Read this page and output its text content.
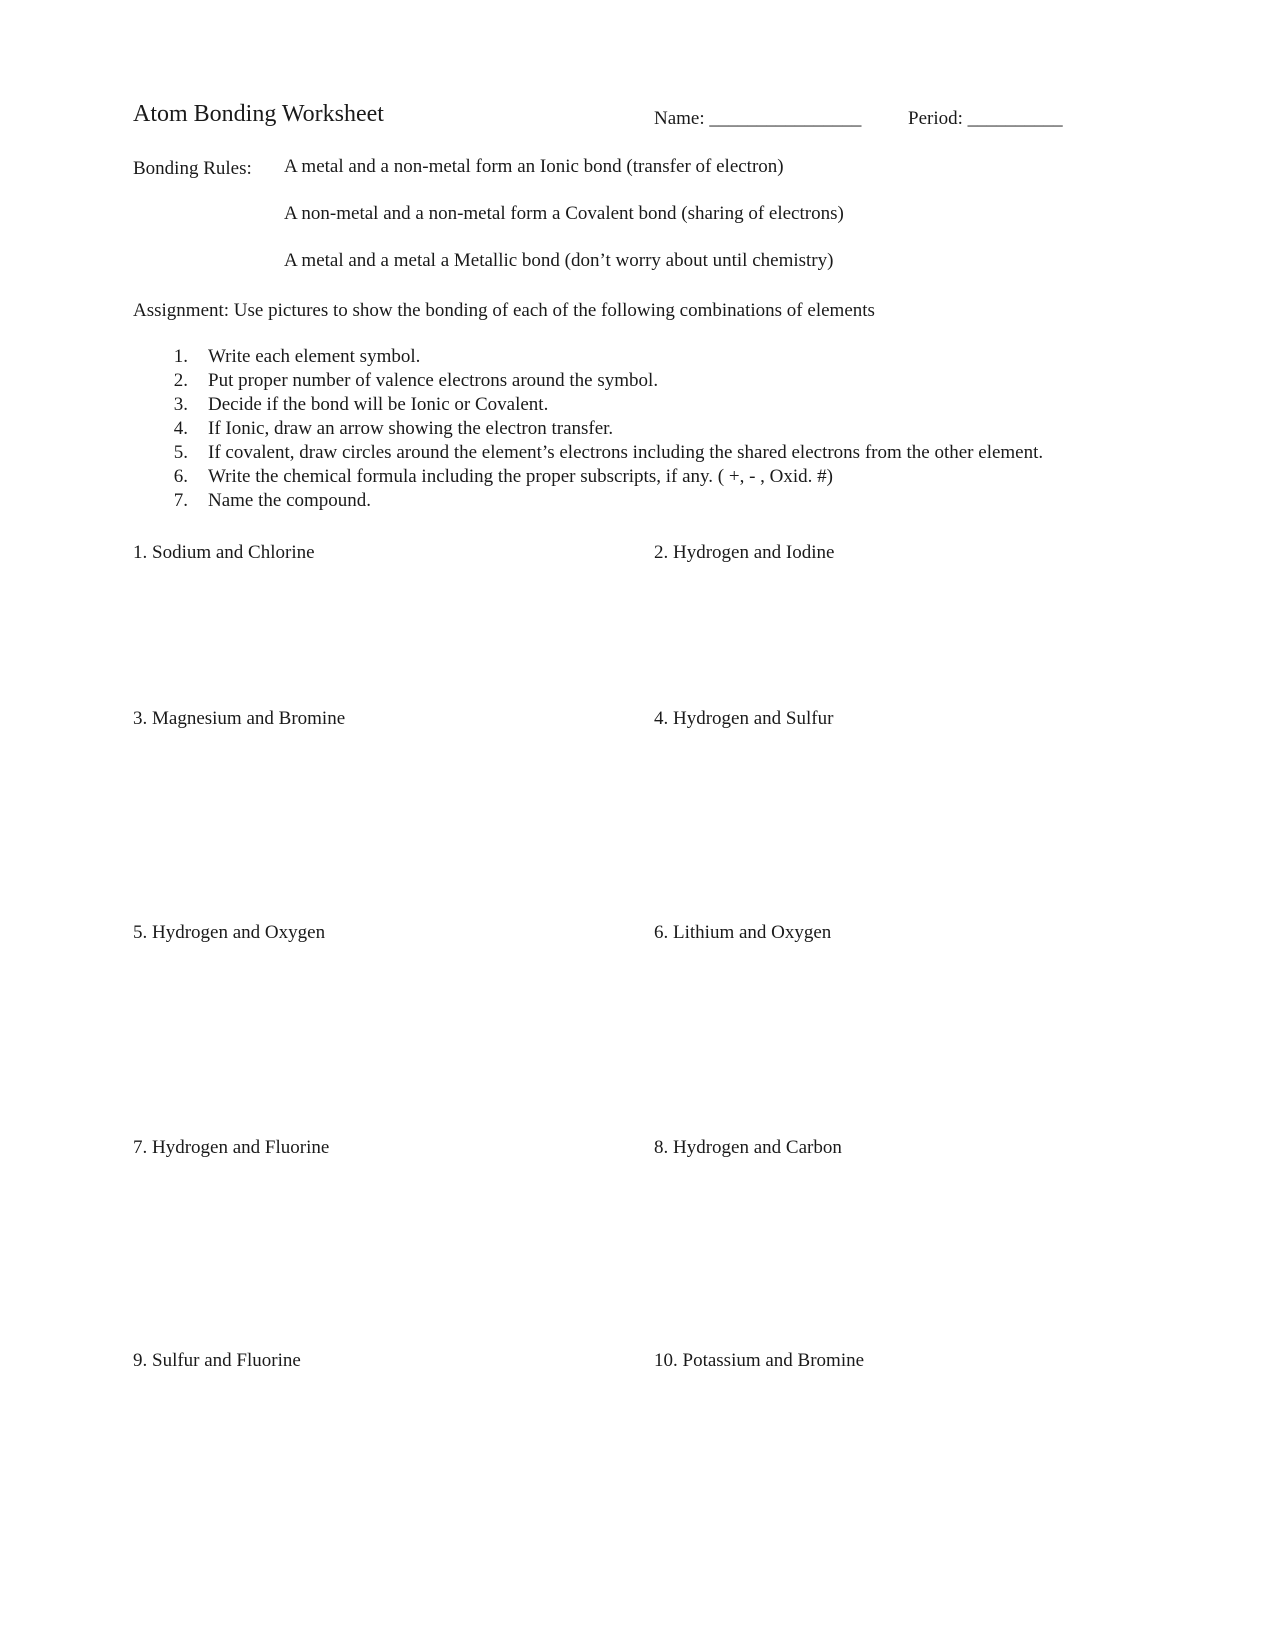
Atom Bonding Worksheet	Name: ________________ Period: __________
Bonding Rules: A metal and a non-metal form an Ionic bond (transfer of electron)
A non-metal and a non-metal form a Covalent bond (sharing of electrons)
A metal and a metal a Metallic bond (don’t worry about until chemistry)
Assignment: Use pictures to show the bonding of each of the following combinations of elements
1. Write each element symbol.
2. Put proper number of valence electrons around the symbol.
3. Decide if the bond will be Ionic or Covalent.
4. If Ionic, draw an arrow showing the electron transfer.
5. If covalent, draw circles around the element’s electrons including the shared electrons from the other element.
6. Write the chemical formula including the proper subscripts, if any. ( +, - , Oxid. #)
7. Name the compound.
1. Sodium and Chlorine	2. Hydrogen and Iodine
3. Magnesium and Bromine	4. Hydrogen and Sulfur
5. Hydrogen and Oxygen	6. Lithium and Oxygen
7. Hydrogen and Fluorine	8. Hydrogen and Carbon
9. Sulfur and Fluorine	10. Potassium and Bromine
